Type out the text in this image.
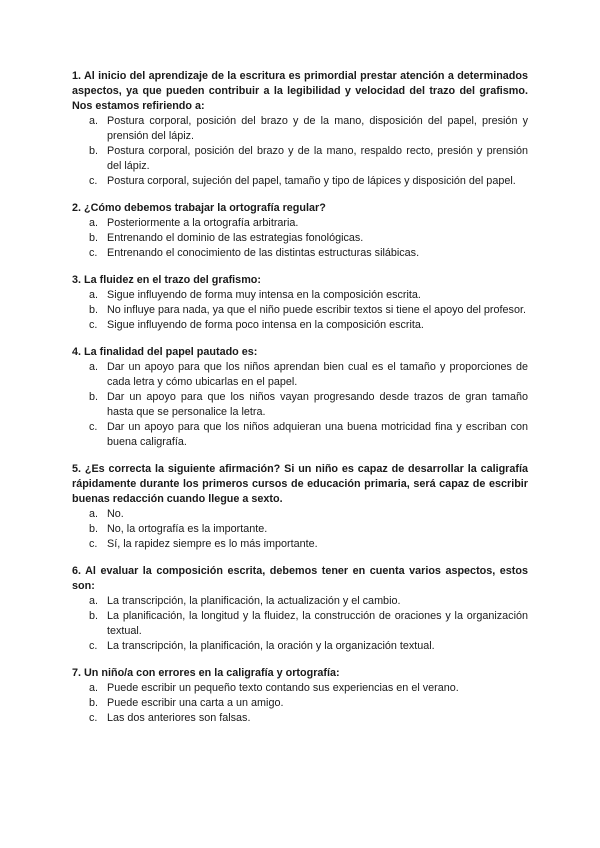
1. Al inicio del aprendizaje de la escritura es primordial prestar atención a determinados aspectos, ya que pueden contribuir a la legibilidad y velocidad del trazo del grafismo. Nos estamos refiriendo a:

a. Postura corporal, posición del brazo y de la mano, disposición del papel, presión y prensión del lápiz.
b. Postura corporal, posición del brazo y de la mano, respaldo recto, presión y prensión del lápiz.
c. Postura corporal, sujeción del papel, tamaño y tipo de lápices y disposición del papel.

2. ¿Cómo debemos trabajar la ortografía regular?

a. Posteriormente a la ortografía arbitraria.
b. Entrenando el dominio de las estrategias fonológicas.
c. Entrenando el conocimiento de las distintas estructuras silábicas.

3. La fluidez en el trazo del grafismo:

a. Sigue influyendo de forma muy intensa en la composición escrita.
b. No influye para nada, ya que el niño puede escribir textos si tiene el apoyo del profesor.
c. Sigue influyendo de forma poco intensa en la composición escrita.

4. La finalidad del papel pautado es:

a. Dar un apoyo para que los niños aprendan bien cual es el tamaño y proporciones de cada letra y cómo ubicarlas en el papel.
b. Dar un apoyo para que los niños vayan progresando desde trazos de gran tamaño hasta que se personalice la letra.
c. Dar un apoyo para que los niños adquieran una buena motricidad fina y escriban con buena caligrafía.

5. ¿Es correcta la siguiente afirmación? Si un niño es capaz de desarrollar la caligrafía rápidamente durante los primeros cursos de educación primaria, será capaz de escribir buenas redacción cuando llegue a sexto.

a. No.
b. No, la ortografía es la importante.
c. Sí, la rapidez siempre es lo más importante.

6. Al evaluar la composición escrita, debemos tener en cuenta varios aspectos, estos son:

a. La transcripción, la planificación, la actualización y el cambio.
b. La planificación, la longitud y la fluidez, la construcción de oraciones y la organización textual.
c. La transcripción, la planificación, la oración y la organización textual.

7. Un niño/a con errores en la caligrafía y ortografía:

a. Puede escribir un pequeño texto contando sus experiencias en el verano.
b. Puede escribir una carta a un amigo.
c. Las dos anteriores son falsas.
